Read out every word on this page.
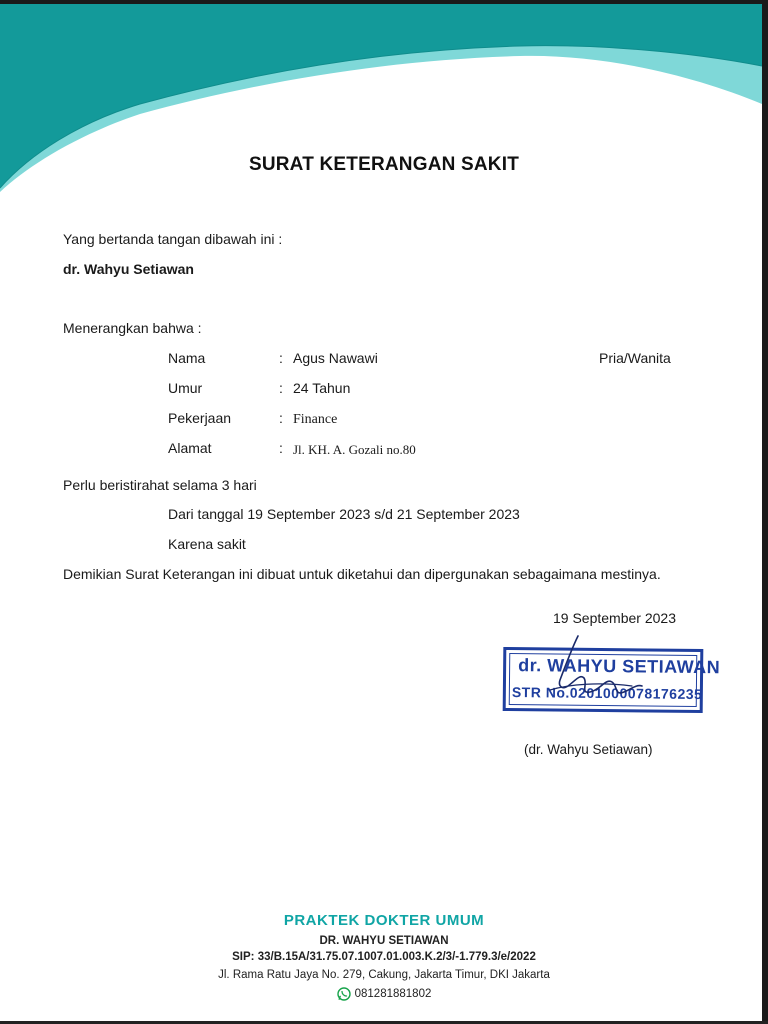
SURAT KETERANGAN SAKIT
Yang bertanda tangan dibawah ini :
dr. Wahyu Setiawan
Menerangkan bahwa :
Nama	: Agus Nawawi	Pria/Wanita
Umur	: 24 Tahun
Pekerjaan	: Finance
Alamat	: Jl. KH. A. Gozali no.80
Perlu beristirahat selama 3 hari
Dari tanggal 19 September 2023 s/d 21 September 2023
Karena sakit
Demikian Surat Keterangan ini dibuat untuk diketahui dan dipergunakan sebagaimana mestinya.
19 September 2023
dr. WAHYU SETIAWAN
STR No.0201000078176235
(dr. Wahyu Setiawan)
PRAKTEK DOKTER UMUM
DR. WAHYU SETIAWAN
SIP: 33/B.15A/31.75.07.1007.01.003.K.2/3/-1.779.3/e/2022
Jl. Rama Ratu Jaya No. 279, Cakung, Jakarta Timur, DKI Jakarta
081281881802
